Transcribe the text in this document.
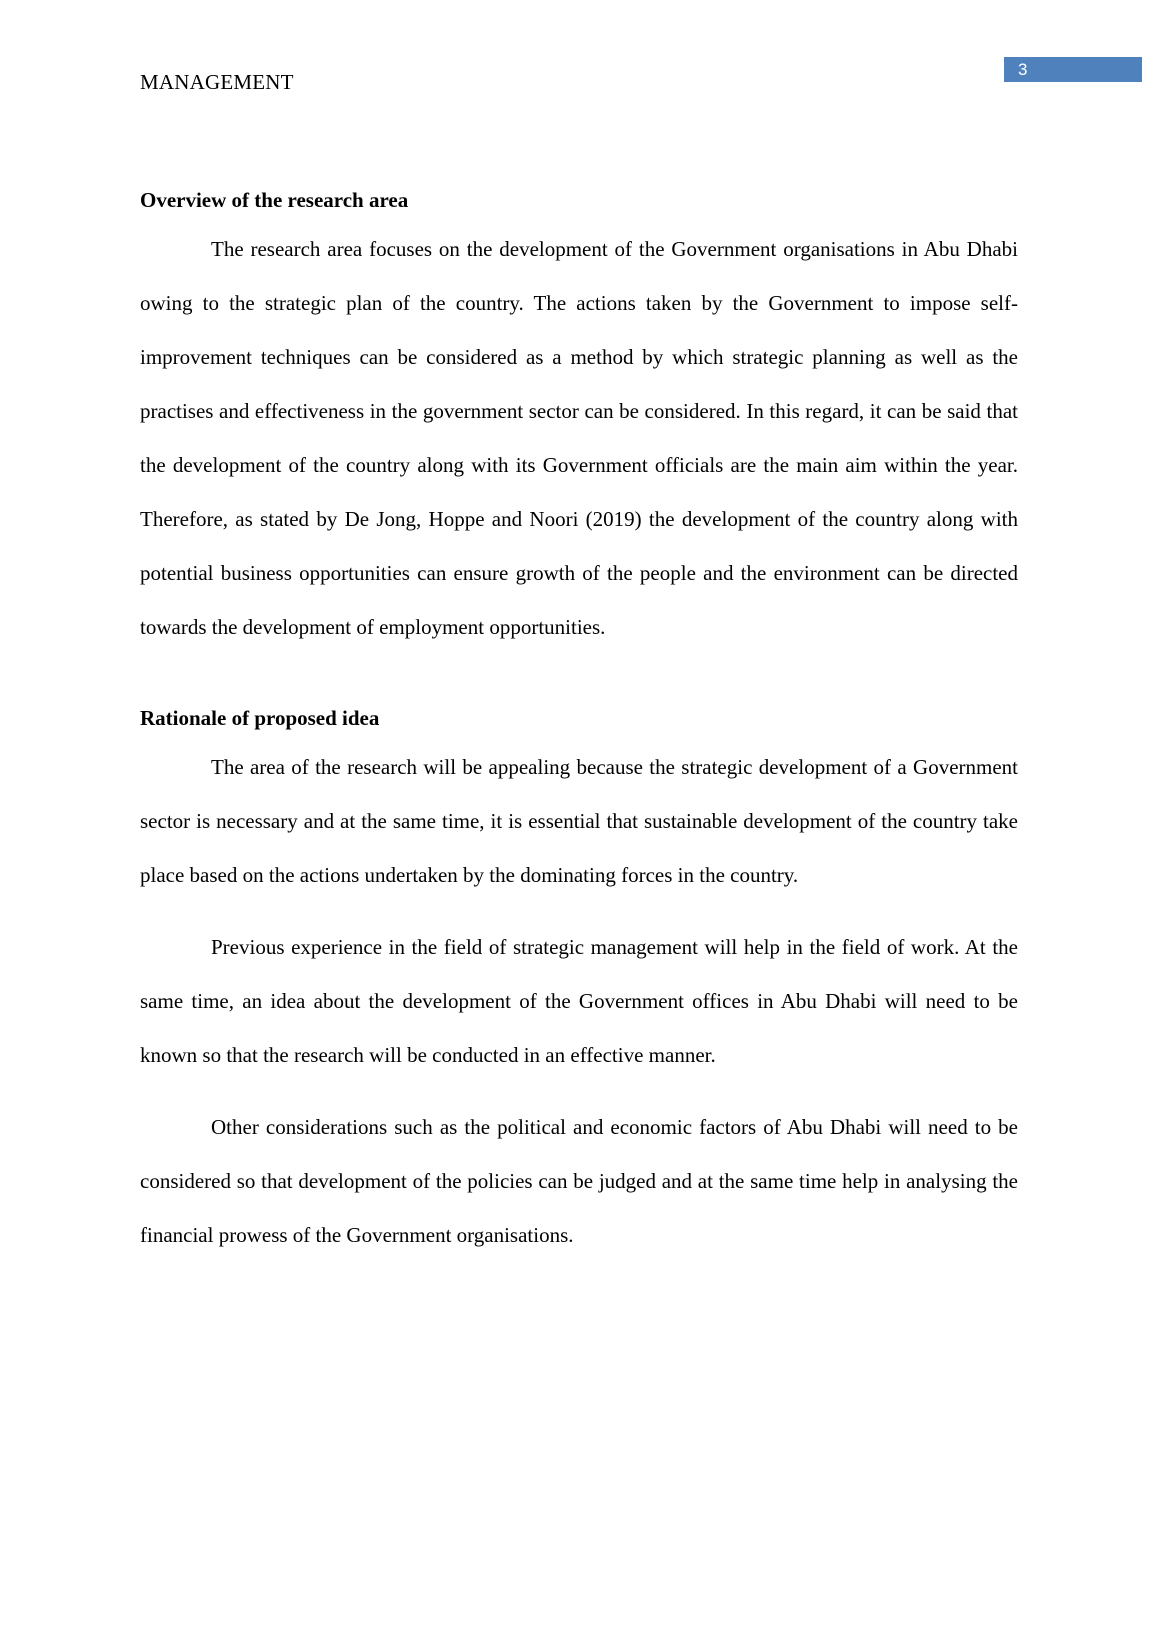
MANAGEMENT
3
Overview of the research area

The research area focuses on the development of the Government organisations in Abu Dhabi owing to the strategic plan of the country. The actions taken by the Government to impose self-improvement techniques can be considered as a method by which strategic planning as well as the practises and effectiveness in the government sector can be considered. In this regard, it can be said that the development of the country along with its Government officials are the main aim within the year. Therefore, as stated by De Jong, Hoppe and Noori (2019) the development of the country along with potential business opportunities can ensure growth of the people and the environment can be directed towards the development of employment opportunities.

Rationale of proposed idea

The area of the research will be appealing because the strategic development of a Government sector is necessary and at the same time, it is essential that sustainable development of the country take place based on the actions undertaken by the dominating forces in the country.

Previous experience in the field of strategic management will help in the field of work. At the same time, an idea about the development of the Government offices in Abu Dhabi will need to be known so that the research will be conducted in an effective manner.

Other considerations such as the political and economic factors of Abu Dhabi will need to be considered so that development of the policies can be judged and at the same time help in analysing the financial prowess of the Government organisations.
